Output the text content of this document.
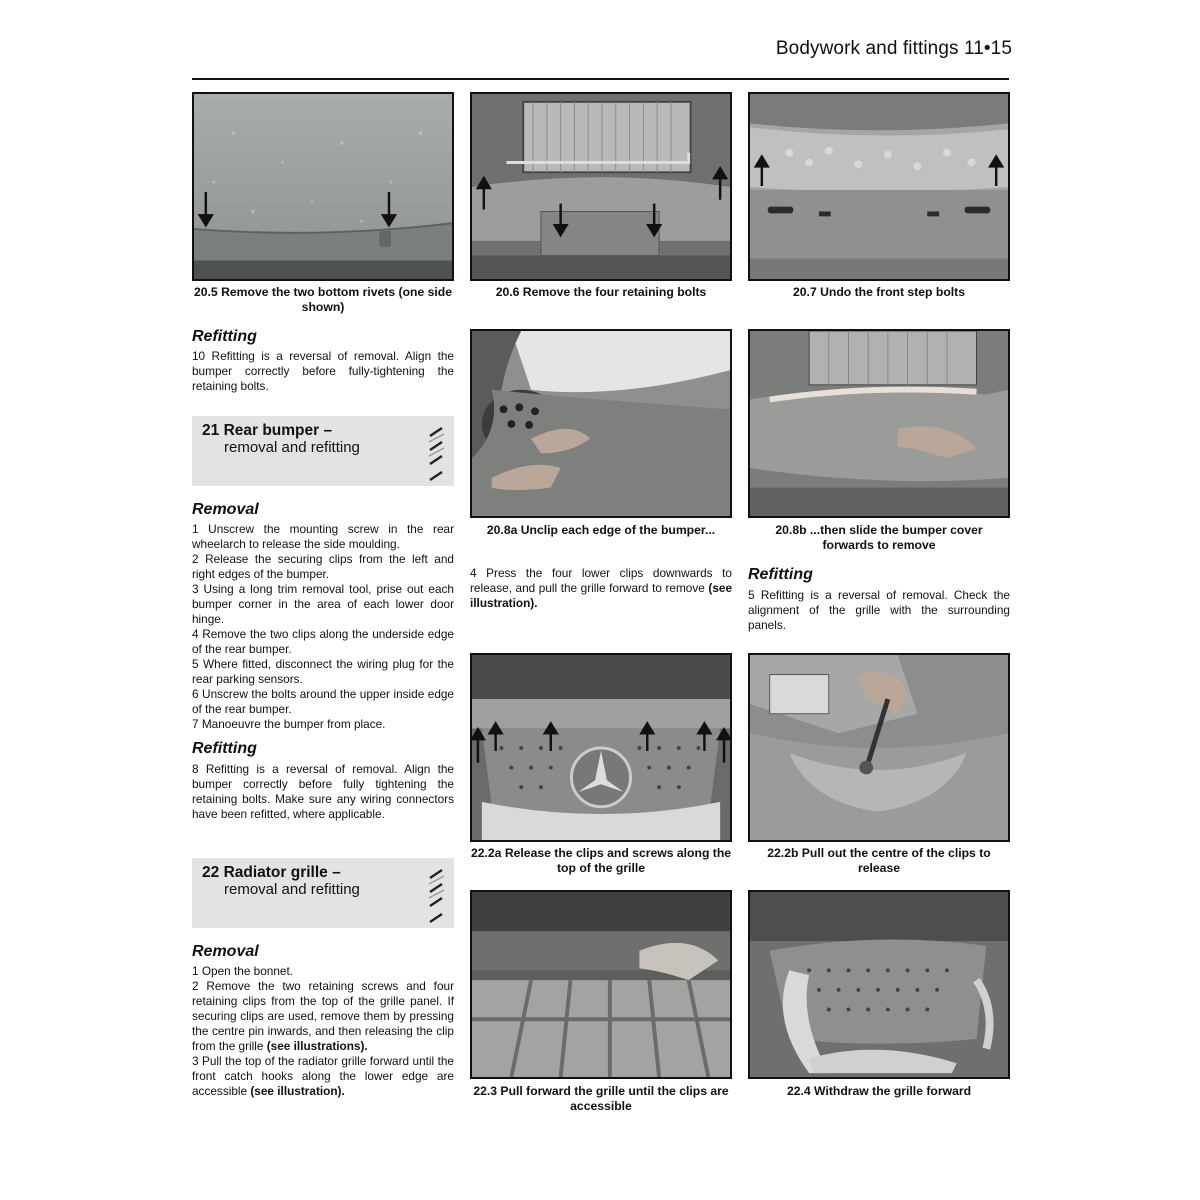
Bodywork and fittings 11•15
20.5 Remove the two bottom rivets (one side shown)
20.6 Remove the four retaining bolts	20.7 Undo the front step bolts
Refitting
10 Refitting is a reversal of removal. Align the bumper correctly before fully-tightening the retaining bolts.
21 Rear bumper –
removal and refitting
Removal

1 Unscrew the mounting screw in the rear wheelarch to release the side moulding.

2 Release the securing clips from the left and right edges of the bumper.

3 Using a long trim removal tool, prise out each bumper corner in the area of each lower door hinge.

4 Remove the two clips along the underside edge of the rear bumper.

5 Where fitted, disconnect the wiring plug for the rear parking sensors.

6 Unscrew the bolts around the upper inside edge of the rear bumper.

7 Manoeuvre the bumper from place.

Refitting
8 Refitting is a reversal of removal. Align the bumper correctly before fully tightening the retaining bolts. Make sure any wiring connectors have been refitted, where applicable.
22 Radiator grille –
removal and refitting
Removal

1 Open the bonnet.

2 Remove the two retaining screws and four retaining clips from the top of the grille panel. If securing clips are used, remove them by pressing the centre pin inwards, and then releasing the clip from the grille (see illustrations).

3 Pull the top of the radiator grille forward until the front catch hooks along the lower edge are accessible (see illustration).

20.8a Unclip each edge of the bumper...	20.8b ...then slide the bumper cover forwards to remove
4 Press the four lower clips downwards to release, and pull the grille forward to remove (see illustration).
Refitting
5 Refitting is a reversal of removal. Check the alignment of the grille with the surrounding panels.
22.2a Release the clips and screws along the top of the grille
22.2b Pull out the centre of the clips to release
22.3 Pull forward the grille until the clips are accessible
22.4 Withdraw the grille forward
